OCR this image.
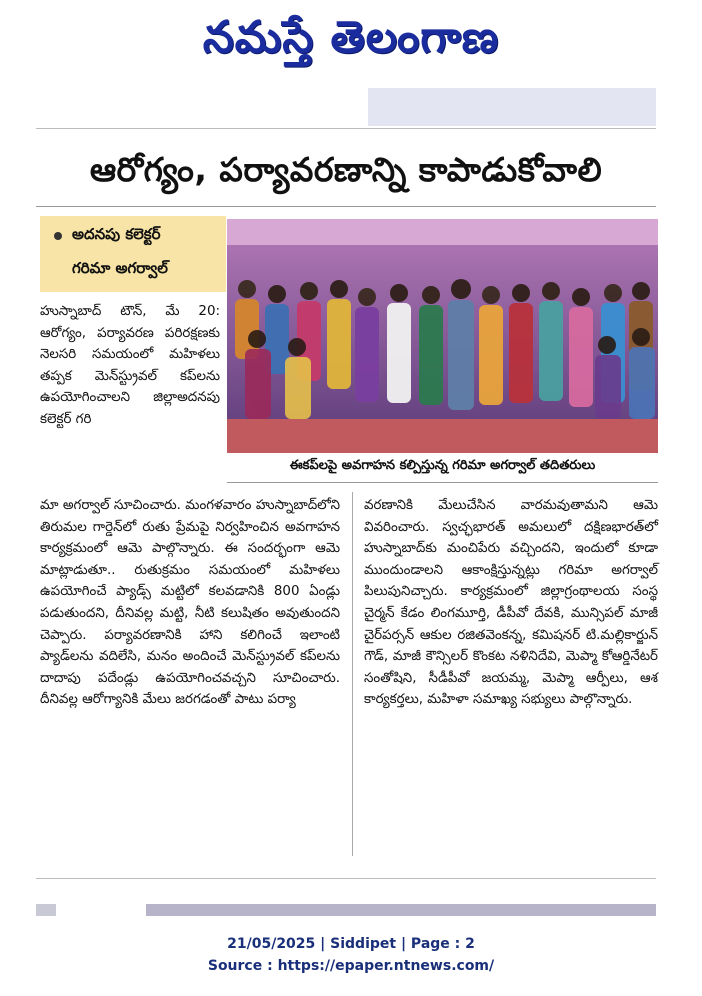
నమస్తే తెలంగాణ
ఆరోగ్యం, పర్యావరణాన్ని కాపాడుకోవాలి
అదనపు కలెక్టర్
గరిమా అగర్వాల్
ఈకప్‌లపై అవగాహన కల్పిస్తున్న గరిమా అగర్వాల్ తదితరులు

హుస్నాబాద్ టౌన్, మే 20: ఆరోగ్యం, పర్యావరణ పరిరక్షణకు నెలసరి సమయంలో మహిళలు తప్పక మెన్‌స్ట్రువల్ కప్‌లను ఉపయోగించాలని జిల్లాఅదనపు కలెక్టర్ గరి

మా అగర్వాల్ సూచించారు. మంగళవారం హుస్నాబాద్‌లోని తిరుమల గార్డెన్‌లో రుతు ప్రేమపై నిర్వహించిన అవగాహన కార్యక్రమంలో ఆమె పాల్గొన్నారు. ఈ సందర్భంగా ఆమె మాట్లాడుతూ.. రుతుక్రమం సమయంలో మహిళలు ఉపయోగించే ప్యాడ్స్ మట్టిలో కలవడానికి 800 ఏండ్లు పడుతుందని, దీనివల్ల మట్టి, నీటి కలుషితం అవుతుందని చెప్పారు. పర్యావరణానికి హాని కలిగించే ఇలాంటి ప్యాడ్‌లను వదిలేసి, మనం అందించే మెన్‌స్ట్రువల్ కప్‌లను దాదాపు పదేండ్లు ఉపయోగించవచ్చని సూచించారు. దీనివల్ల ఆరోగ్యానికి మేలు జరగడంతో పాటు పర్యా

వరణానికి మేలుచేసిన వారమవుతామని ఆమె వివరించారు. స్వచ్ఛభారత్ అమలులో దక్షిణభారత్‌లో హుస్నాబాద్‌కు మంచిపేరు వచ్చిందని, ఇందులో కూడా ముందుండాలని ఆకాంక్షిస్తున్నట్లు గరిమా అగర్వాల్ పిలుపునిచ్చారు. కార్యక్రమంలో జిల్లాగ్రంథాలయ సంస్థ చైర్మన్ కేడం లింగమూర్తి, డీపీవో దేవకి, మున్సిపల్ మాజీ చైర్‌పర్సన్ ఆకుల రజితవెంకన్న, కమిషనర్ టి.మల్లికార్జున్ గౌడ్, మాజీ కౌన్సిలర్ కొంకట నళినిదేవి, మెప్మా కోఆర్డినేటర్ సంతోషిని, సీడీపీవో జయమ్మ, మెప్మా ఆర్పీలు, ఆశ కార్యకర్తలు, మహిళా సమాఖ్య సభ్యులు పాల్గొన్నారు.

21/05/2025 | Siddipet | Page : 2
Source : https://epaper.ntnews.com/
